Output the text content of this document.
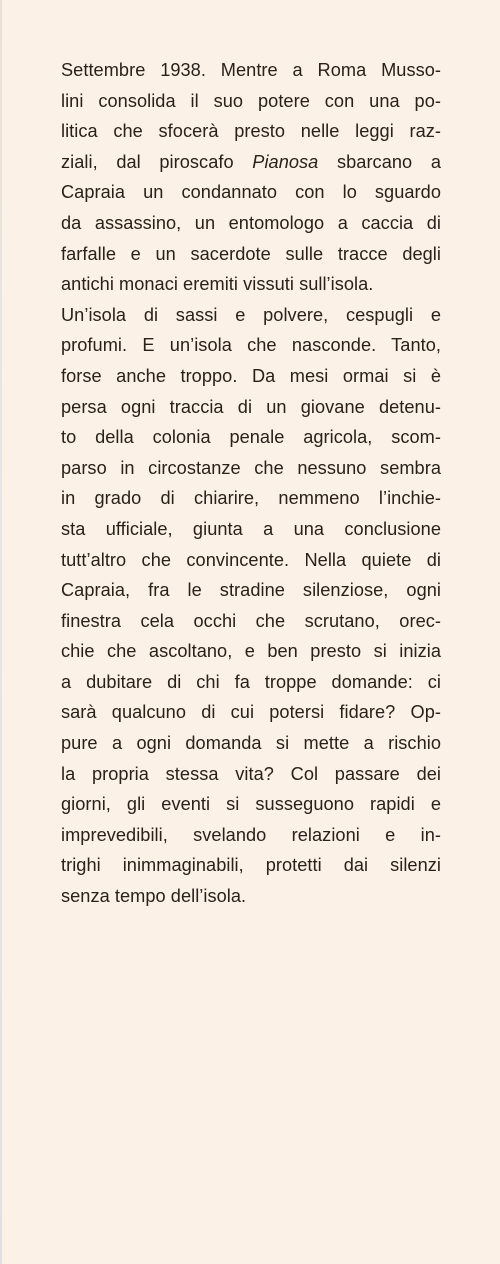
Settembre 1938. Mentre a Roma Musso-
lini consolida il suo potere con una po-
litica che sfocerà presto nelle leggi raz-
ziali, dal piroscafo Pianosa sbarcano a
Capraia un condannato con lo sguardo
da assassino, un entomologo a caccia di
farfalle e un sacerdote sulle tracce degli
antichi monaci eremiti vissuti sull’isola.
Un’isola di sassi e polvere, cespugli e
profumi. E un’isola che nasconde. Tanto,
forse anche troppo. Da mesi ormai si è
persa ogni traccia di un giovane detenu-
to della colonia penale agricola, scom-
parso in circostanze che nessuno sembra
in grado di chiarire, nemmeno l’inchie-
sta ufficiale, giunta a una conclusione
tutt’altro che convincente. Nella quiete di
Capraia, fra le stradine silenziose, ogni
finestra cela occhi che scrutano, orec-
chie che ascoltano, e ben presto si inizia
a dubitare di chi fa troppe domande: ci
sarà qualcuno di cui potersi fidare? Op-
pure a ogni domanda si mette a rischio
la propria stessa vita? Col passare dei
giorni, gli eventi si susseguono rapidi e
imprevedibili, svelando relazioni e in-
trighi inimmaginabili, protetti dai silenzi
senza tempo dell’isola.
